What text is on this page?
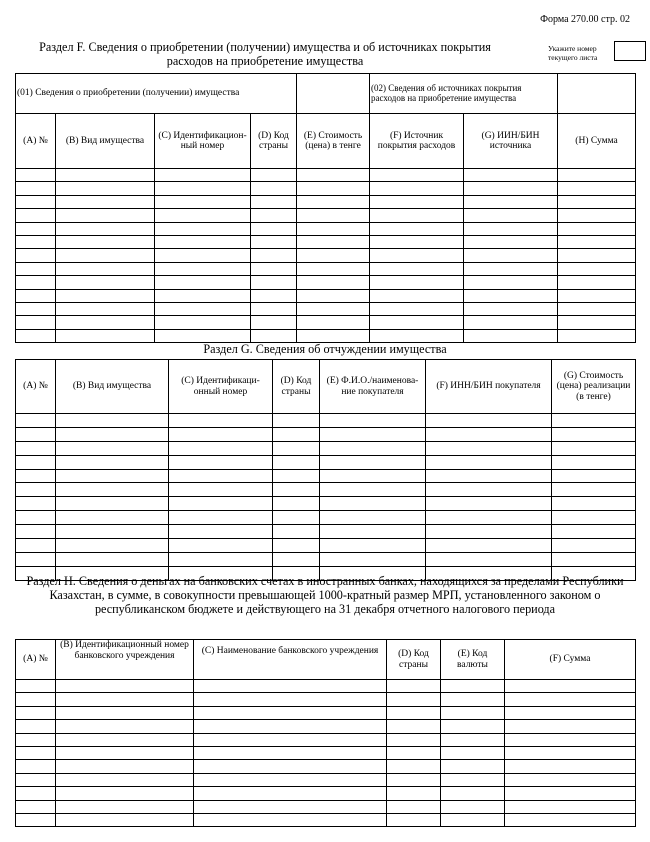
Форма 270.00 стр. 02
Раздел F. Сведения о приобретении (получении) имущества и об источниках покрытия расходов на приобретение имущества
Укажите номер текущего листа
(01) Сведения о приобретении (получении) имущества					(02) Сведения об источниках покрытия расходов на приобретение имущества		
(A) №	(B) Вид имущества	(C) Идентификацион-ный номер	(D) Код страны	(E) Стоимость (цена) в тенге	(F) Источник покрытия расходов	(G) ИИН/БИН источника	(H) Сумма

Раздел G. Сведения об отчуждении имущества
(A) №	(B) Вид имущества	(C) Идентификаци-онный номер	(D) Код страны	(E) Ф.И.О./наименова-ние покупателя	(F) ИНН/БИН покупателя	(G) Стоимость (цена) реализации (в тенге)

Раздел H. Сведения о деньгах на банковских счетах в иностранных банках, находящихся за пределами Республики Казахстан, в сумме, в совокупности превышающей 1000-кратный размер МРП, установленного законом о республиканском бюджете и действующего на 31 декабря отчетного налогового периода
(A) №	(B) Идентификационный номер банковского учреждения	(C) Наименование банковского учреждения	(D) Код страны	(E) Код валюты	(F) Сумма
